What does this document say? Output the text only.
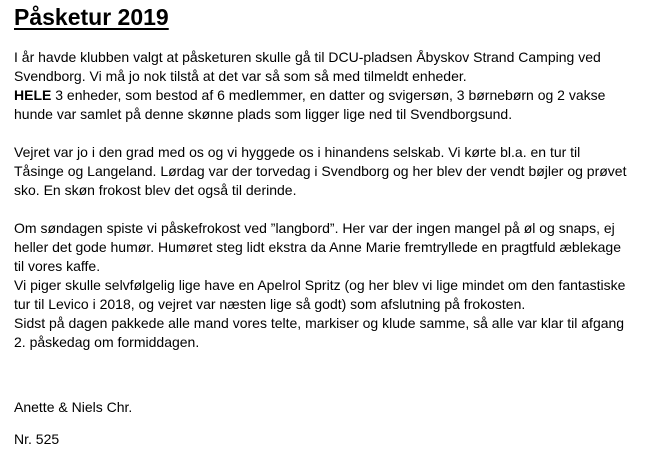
Påsketur 2019
I år havde klubben valgt at påsketuren skulle gå til DCU-pladsen Åbyskov Strand Camping ved
Svendborg. Vi må jo nok tilstå at det var så som så med tilmeldt enheder.
HELE 3 enheder, som bestod af 6 medlemmer, en datter og svigersøn, 3 børnebørn og 2 vakse
hunde var samlet på denne skønne plads som ligger lige ned til Svendborgsund.
Vejret var jo i den grad med os og vi hyggede os i hinandens selskab. Vi kørte bl.a. en tur til
Tåsinge og Langeland. Lørdag var der torvedag i Svendborg og her blev der vendt bøjler og prøvet
sko. En skøn frokost blev det også til derinde.
Om søndagen spiste vi påskefrokost ved ”langbord”. Her var der ingen mangel på øl og snaps, ej
heller det gode humør. Humøret steg lidt ekstra da Anne Marie fremtryllede en pragtfuld æblekage
til vores kaffe.
Vi piger skulle selvfølgelig lige have en Apelrol Spritz (og her blev vi lige mindet om den fantastiske
tur til Levico i 2018, og vejret var næsten lige så godt) som afslutning på frokosten.
Sidst på dagen pakkede alle mand vores telte, markiser og klude samme, så alle var klar til afgang
2. påskedag om formiddagen.
Anette & Niels Chr.
Nr. 525
